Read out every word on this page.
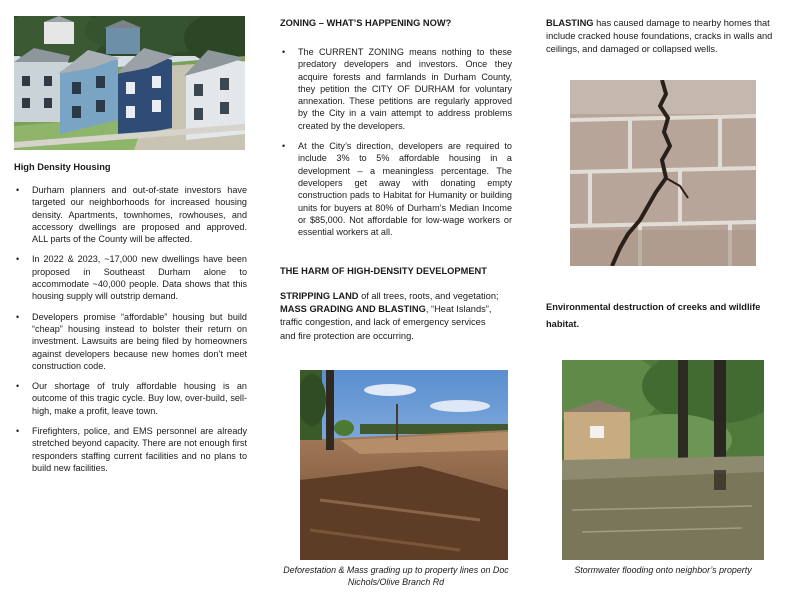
High Density Housing
• Durham planners and out-of-state investors have targeted our neighborhoods for increased housing density. Apartments, townhomes, rowhouses, and accessory dwellings are proposed and approved. ALL parts of the County will be affected.
• In 2022 & 2023, ~17,000 new dwellings have been proposed in Southeast Durham alone to accommodate ~40,000 people. Data shows that this housing supply will outstrip demand.
• Developers promise “affordable” housing but build “cheap” housing instead to bolster their return on investment. Lawsuits are being filed by homeowners against developers because new homes don’t meet construction code.
• Our shortage of truly affordable housing is an outcome of this tragic cycle. Buy low, over-build, sell-high, make a profit, leave town.
• Firefighters, police, and EMS personnel are already stretched beyond capacity. There are not enough first responders staffing current facilities and no plans to build new facilities.
ZONING – WHAT’S HAPPENING NOW?
• The CURRENT ZONING means nothing to these predatory developers and investors. Once they acquire forests and farmlands in Durham County, they petition the CITY OF DURHAM for voluntary annexation. These petitions are regularly approved by the City in a vain attempt to address problems created by the developers.
• At the City’s direction, developers are required to include 3% to 5% affordable housing in a development – a meaningless percentage. The developers get away with donating empty construction pads to Habitat for Humanity or building units for buyers at 80% of Durham’s Median Income or $85,000. Not affordable for low-wage workers or essential workers at all.
THE HARM OF HIGH-DENSITY DEVELOPMENT

STRIPPING LAND of all trees, roots, and vegetation; MASS GRADING AND BLASTING, “Heat Islands”, traffic congestion, and lack of emergency services and fire protection are occurring.

Deforestation & Mass grading up to property lines on Doc Nichols/Olive Branch Rd

BLASTING has caused damage to nearby homes that include cracked house foundations, cracks in walls and ceilings, and damaged or collapsed wells.

Environmental destruction of creeks and wildlife habitat.

Stormwater flooding onto neighbor’s property
